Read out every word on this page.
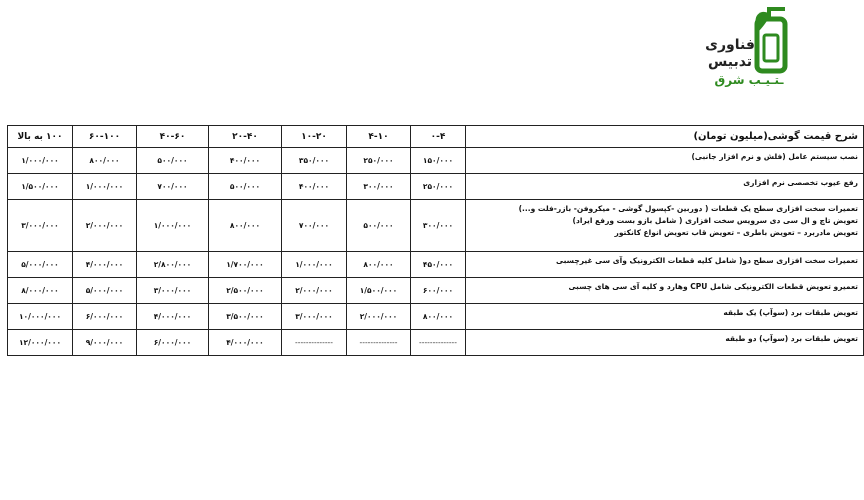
فناوری
تدبیس
ـتـیـب شرق
شرح قیمت گوشی(میلیون تومان)	۰-۴	۴-۱۰	۱۰-۲۰	۲۰-۴۰	۴۰-۶۰	۶۰-۱۰۰	۱۰۰ به بالا

نصب سیستم عامل (فلش و نرم افزار جانبی)	۱۵۰/۰۰۰	۲۵۰/۰۰۰	۳۵۰/۰۰۰	۴۰۰/۰۰۰	۵۰۰/۰۰۰	۸۰۰/۰۰۰	۱/۰۰۰/۰۰۰

رفع عیوب تخصصی نرم افزاری	۲۵۰/۰۰۰	۳۰۰/۰۰۰	۴۰۰/۰۰۰	۵۰۰/۰۰۰	۷۰۰/۰۰۰	۱/۰۰۰/۰۰۰	۱/۵۰۰/۰۰۰

تعمیرات سخت افزاری سطح یک قطعات ( دوربین -کپسول گوشی - میکروفن- بازر-فلت و...)
تعویض تاچ و ال سی دی سرویس سخت افزاری ( شامل بازو بست ورفع ایراد)
تعویض مادربرد – تعویض باطری – تعویض قاب تعویض انواع کانکتور	۳۰۰/۰۰۰	۵۰۰/۰۰۰	۷۰۰/۰۰۰	۸۰۰/۰۰۰	۱/۰۰۰/۰۰۰	۲/۰۰۰/۰۰۰	۳/۰۰۰/۰۰۰

تعمیرات سخت افزاری سطح دو( شامل کلیه قطعات الکترونیک وآی سی غیرچسبی	۴۵۰/۰۰۰	۸۰۰/۰۰۰	۱/۰۰۰/۰۰۰	۱/۷۰۰/۰۰۰	۲/۸۰۰/۰۰۰	۴/۰۰۰/۰۰۰	۵/۰۰۰/۰۰۰

تعمیرو تعویض قطعات الکترونیکی شامل CPU وهارد و کلیه آی سی های چسبی	۶۰۰/۰۰۰	۱/۵۰۰/۰۰۰	۲/۰۰۰/۰۰۰	۲/۵۰۰/۰۰۰	۳/۰۰۰/۰۰۰	۵/۰۰۰/۰۰۰	۸/۰۰۰/۰۰۰

تعویض طبقات برد (سوآپ) یک طبقه	۸۰۰/۰۰۰	۲/۰۰۰/۰۰۰	۳/۰۰۰/۰۰۰	۳/۵۰۰/۰۰۰	۴/۰۰۰/۰۰۰	۶/۰۰۰/۰۰۰	۱۰/۰۰۰/۰۰۰

تعویض طبقات برد (سوآپ) دو طبقه	--------------	--------------	--------------	۴/۰۰۰/۰۰۰	۶/۰۰۰/۰۰۰	۹/۰۰۰/۰۰۰	۱۲/۰۰۰/۰۰۰
